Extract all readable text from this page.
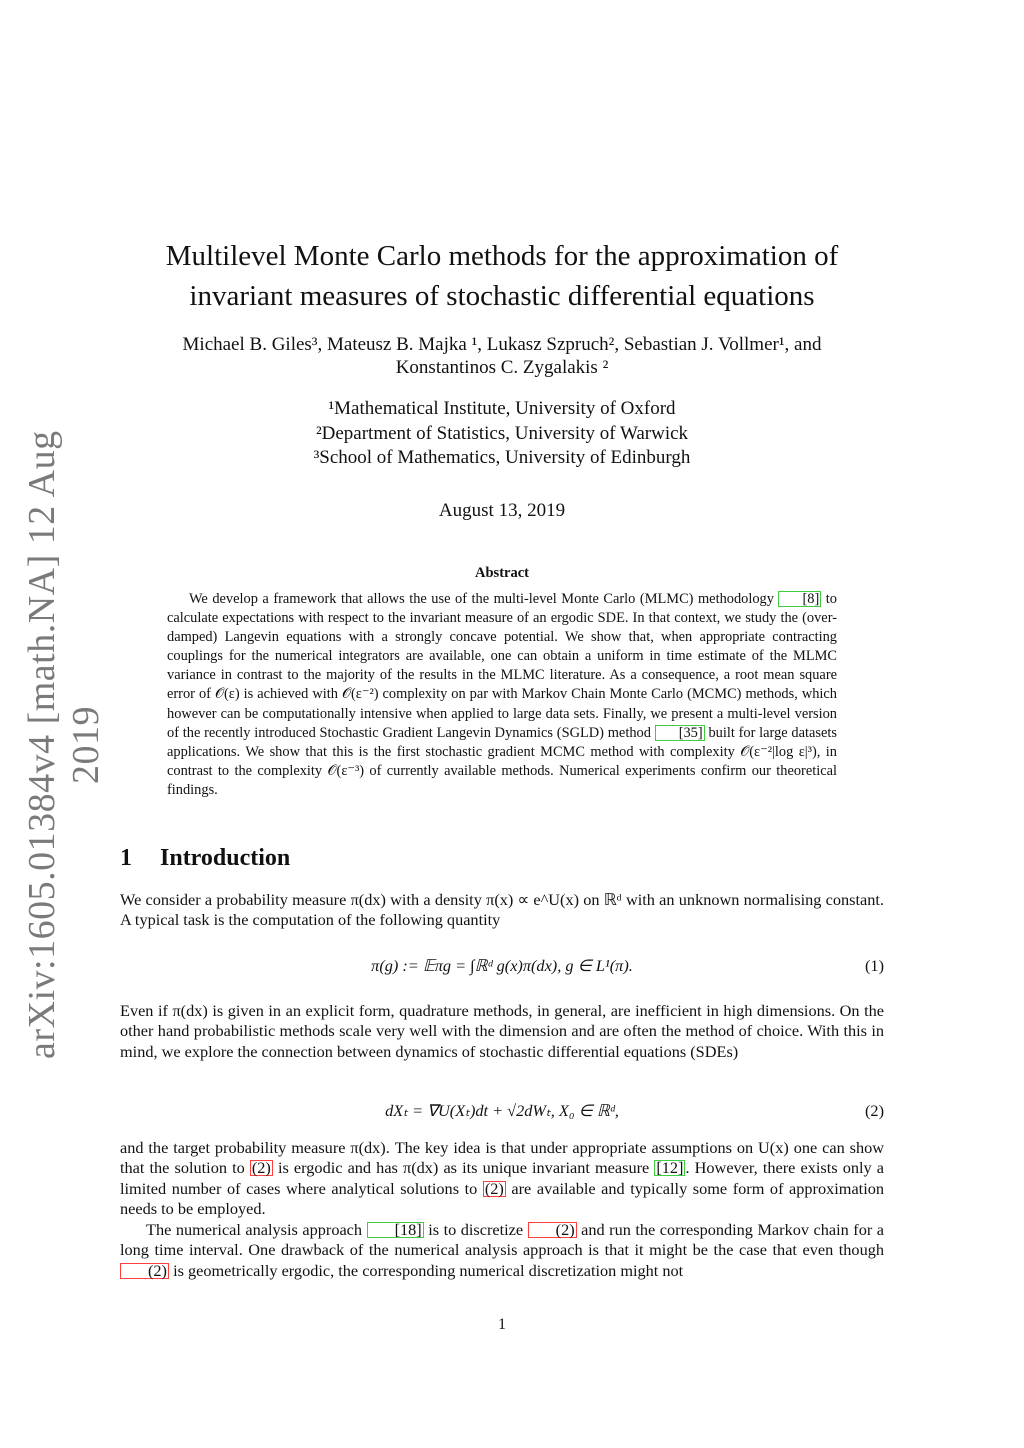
arXiv:1605.01384v4 [math.NA] 12 Aug 2019
Multilevel Monte Carlo methods for the approximation of
invariant measures of stochastic differential equations
Michael B. Giles³, Mateusz B. Majka ¹, Lukasz Szpruch², Sebastian J. Vollmer¹, and
Konstantinos C. Zygalakis ²
¹Mathematical Institute, University of Oxford
²Department of Statistics, University of Warwick
³School of Mathematics, University of Edinburgh
August 13, 2019
Abstract
We develop a framework that allows the use of the multi-level Monte Carlo (MLMC) methodology [8] to calculate expectations with respect to the invariant measure of an ergodic SDE. In that context, we study the (over-damped) Langevin equations with a strongly concave potential. We show that, when appropriate contracting couplings for the numerical integrators are available, one can obtain a uniform in time estimate of the MLMC variance in contrast to the majority of the results in the MLMC literature. As a consequence, a root mean square error of 𝒪(ε) is achieved with 𝒪(ε⁻²) complexity on par with Markov Chain Monte Carlo (MCMC) methods, which however can be computationally intensive when applied to large data sets. Finally, we present a multi-level version of the recently introduced Stochastic Gradient Langevin Dynamics (SGLD) method [35] built for large datasets applications. We show that this is the first stochastic gradient MCMC method with complexity 𝒪(ε⁻²|log ε|³), in contrast to the complexity 𝒪(ε⁻³) of currently available methods. Numerical experiments confirm our theoretical findings.
1 Introduction
We consider a probability measure π(dx) with a density π(x) ∝ e^U(x) on ℝᵈ with an unknown normalising constant. A typical task is the computation of the following quantity
π(g) := 𝔼πg = ∫ℝᵈ g(x)π(dx), g ∈ L¹(π).	(1)
Even if π(dx) is given in an explicit form, quadrature methods, in general, are inefficient in high dimensions. On the other hand probabilistic methods scale very well with the dimension and are often the method of choice. With this in mind, we explore the connection between dynamics of stochastic differential equations (SDEs)
dXₜ = ∇U(Xₜ)dt + √2dWₜ, X₀ ∈ ℝᵈ,	(2)
and the target probability measure π(dx). The key idea is that under appropriate assumptions on U(x) one can show that the solution to (2) is ergodic and has π(dx) as its unique invariant measure [12] . However, there exists only a limited number of cases where analytical solutions to (2) are available and typically some form of approximation needs to be employed.
The numerical analysis approach [18] is to discretize (2) and run the corresponding Markov chain for a long time interval. One drawback of the numerical analysis approach is that it might be the case that even though (2) is geometrically ergodic, the corresponding numerical discretization might not
1
